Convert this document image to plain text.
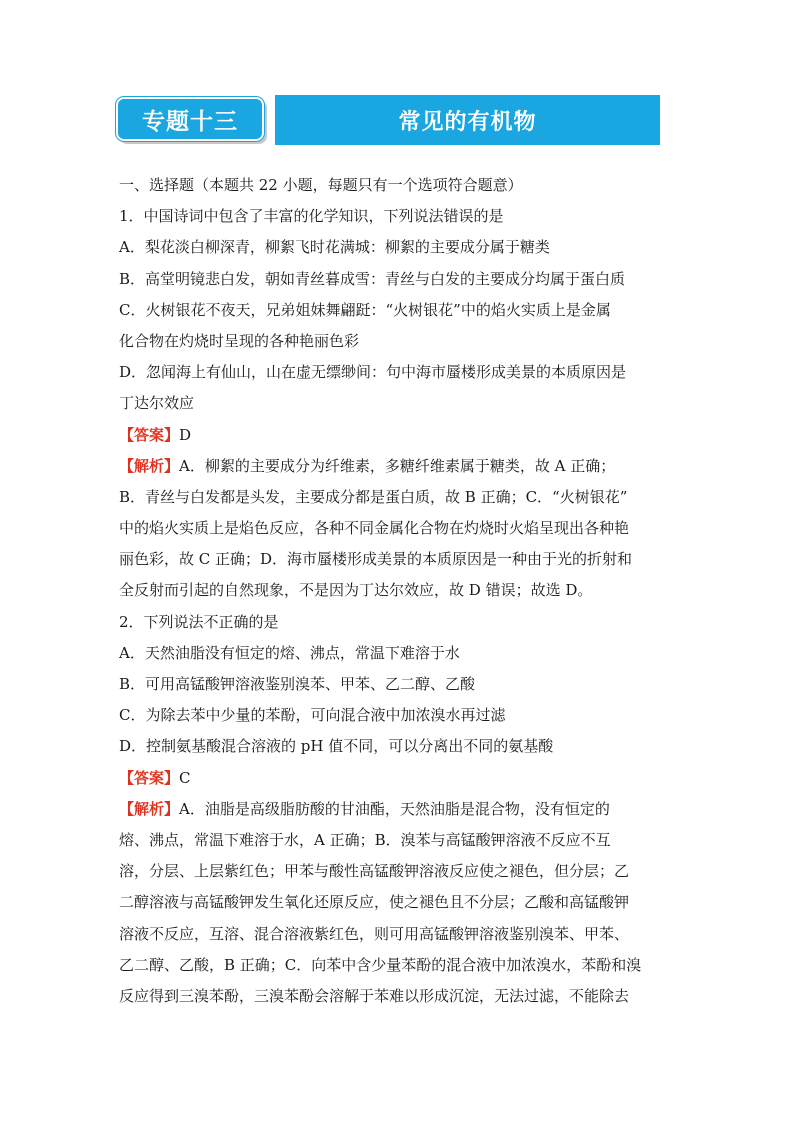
专题十三	常见的有机物
一、选择题（本题共 22 小题，每题只有一个选项符合题意）
1．中国诗词中包含了丰富的化学知识，下列说法错误的是
A．梨花淡白柳深青，柳絮飞时花满城：柳絮的主要成分属于糖类
B．高堂明镜悲白发，朝如青丝暮成雪：青丝与白发的主要成分均属于蛋白质
C．火树银花不夜天，兄弟姐妹舞翩跹：“火树银花”中的焰火实质上是金属
化合物在灼烧时呈现的各种艳丽色彩
D．忽闻海上有仙山，山在虚无缥缈间：句中海市蜃楼形成美景的本质原因是
丁达尔效应
【答案】D
【解析】A．柳絮的主要成分为纤维素，多糖纤维素属于糖类，故 A 正确；
B．青丝与白发都是头发，主要成分都是蛋白质，故 B 正确；C．“火树银花”
中的焰火实质上是焰色反应，各种不同金属化合物在灼烧时火焰呈现出各种艳
丽色彩，故 C 正确；D．海市蜃楼形成美景的本质原因是一种由于光的折射和
全反射而引起的自然现象，不是因为丁达尔效应，故 D 错误；故选 D。
2．下列说法不正确的是
A．天然油脂没有恒定的熔、沸点，常温下难溶于水
B．可用高锰酸钾溶液鉴别溴苯、甲苯、乙二醇、乙酸
C．为除去苯中少量的苯酚，可向混合液中加浓溴水再过滤
D．控制氨基酸混合溶液的 pH 值不同，可以分离出不同的氨基酸
【答案】C
【解析】A．油脂是高级脂肪酸的甘油酯，天然油脂是混合物，没有恒定的
熔、沸点，常温下难溶于水，A 正确；B．溴苯与高锰酸钾溶液不反应不互
溶，分层、上层紫红色；甲苯与酸性高锰酸钾溶液反应使之褪色，但分层；乙
二醇溶液与高锰酸钾发生氧化还原反应，使之褪色且不分层；乙酸和高锰酸钾
溶液不反应，互溶、混合溶液紫红色，则可用高锰酸钾溶液鉴别溴苯、甲苯、
乙二醇、乙酸，B 正确；C．向苯中含少量苯酚的混合液中加浓溴水，苯酚和溴
反应得到三溴苯酚，三溴苯酚会溶解于苯难以形成沉淀，无法过滤，不能除去
